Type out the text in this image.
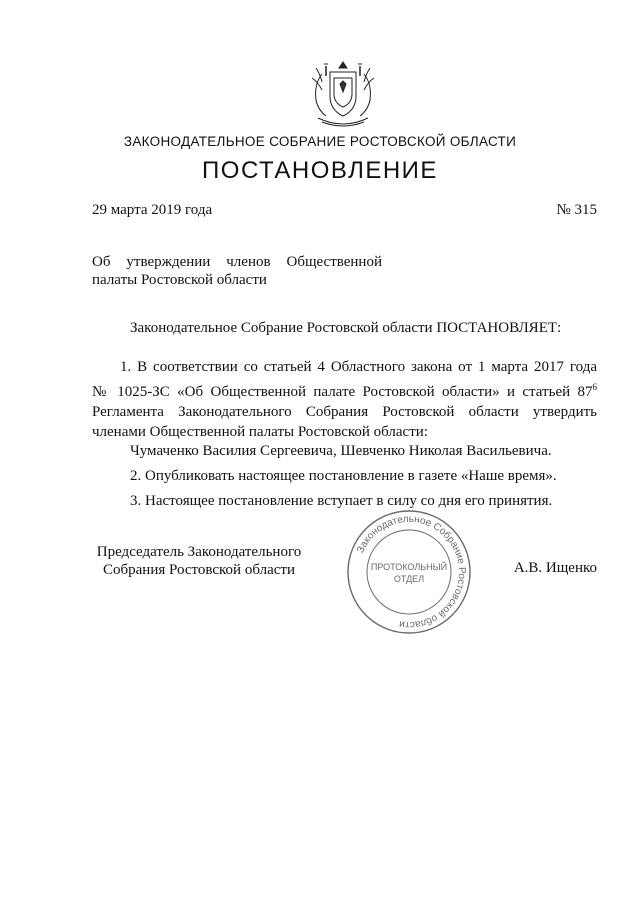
ЗАКОНОДАТЕЛЬНОЕ СОБРАНИЕ РОСТОВСКОЙ ОБЛАСТИ
ПОСТАНОВЛЕНИЕ
29 марта 2019 года	№ 315
Об утверждении членов Общественной
палаты Ростовской области
Законодательное Собрание Ростовской области ПОСТАНОВЛЯЕТ:
1. В соответствии со статьей 4 Областного закона от 1 марта 2017 года
№ 1025-ЗС «Об Общественной палате Ростовской области» и статьей $87^6$
Регламента Законодательного Собрания Ростовской области утвердить
членами Общественной палаты Ростовской области:
Чумаченко Василия Сергеевича, Шевченко Николая Васильевича.
2. Опубликовать настоящее постановление в газете «Наше время».
3. Настоящее постановление вступает в силу со дня его принятия.
Председатель Законодательного
Собрания Ростовской области	А.В. Ищенко
Законодательное Собрание Ростовской области
ПРОТОКОЛЬНЫЙ
ОТДЕЛ
